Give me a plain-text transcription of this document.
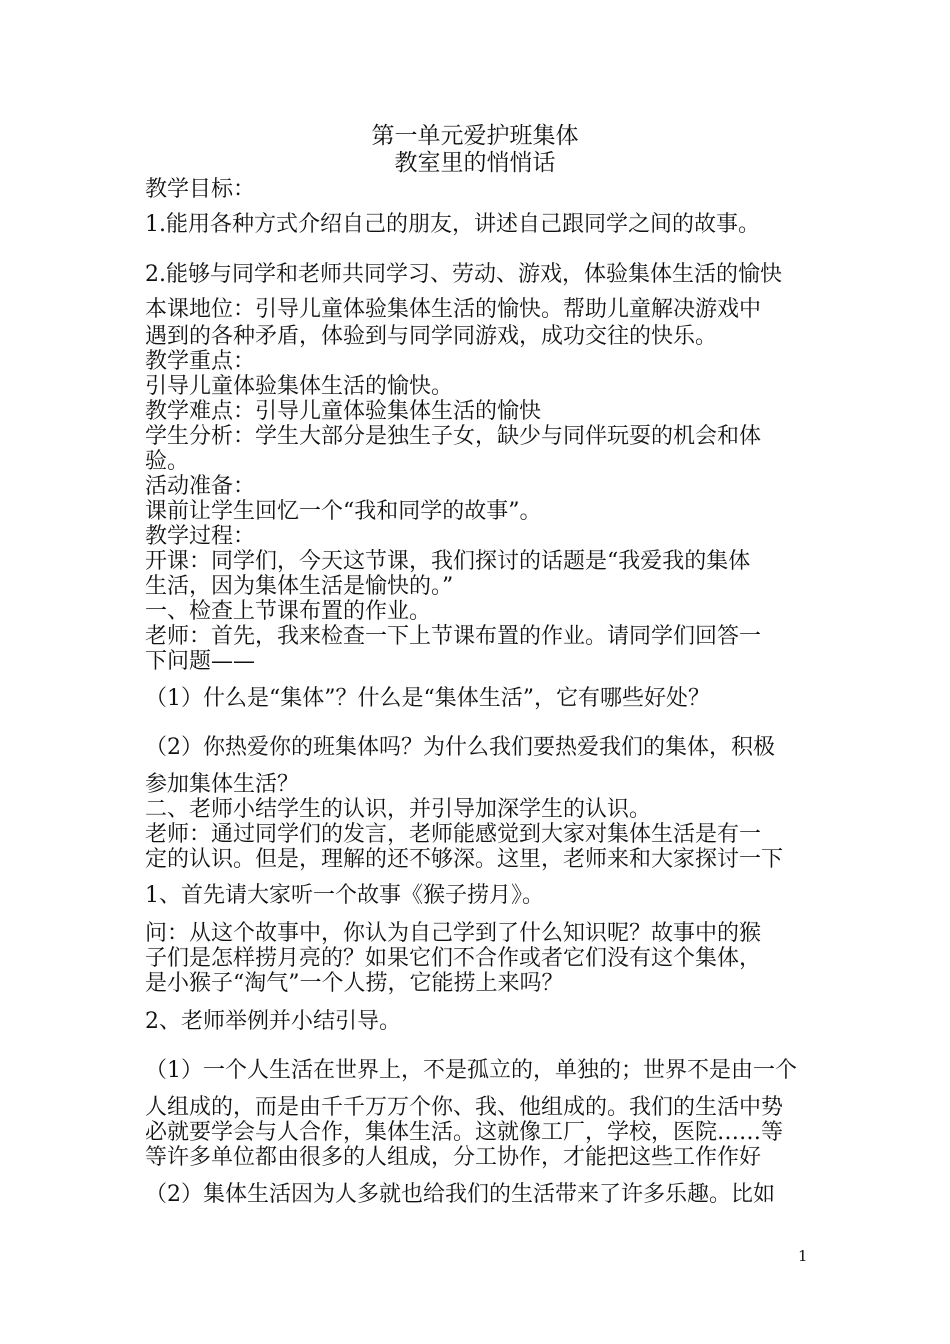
第一单元爱护班集体
教室里的悄悄话
教学目标：
1.能用各种方式介绍自己的朋友，讲述自己跟同学之间的故事。
2.能够与同学和老师共同学习、劳动、游戏，体验集体生活的愉快
本课地位：引导儿童体验集体生活的愉快。帮助儿童解决游戏中
遇到的各种矛盾，体验到与同学同游戏，成功交往的快乐。
教学重点：
引导儿童体验集体生活的愉快。
教学难点：引导儿童体验集体生活的愉快
学生分析：学生大部分是独生子女，缺少与同伴玩耍的机会和体
验。
活动准备：
课前让学生回忆一个“我和同学的故事”。
教学过程：
开课：同学们，今天这节课，我们探讨的话题是“我爱我的集体
生活，因为集体生活是愉快的。”
一、检查上节课布置的作业。
老师：首先，我来检查一下上节课布置的作业。请同学们回答一
下问题——
（1）什么是“集体”？什么是“集体生活”，它有哪些好处？
（2）你热爱你的班集体吗？为什么我们要热爱我们的集体，积极
参加集体生活？
二、老师小结学生的认识，并引导加深学生的认识。
老师：通过同学们的发言，老师能感觉到大家对集体生活是有一
定的认识。但是，理解的还不够深。这里，老师来和大家探讨一下
1、首先请大家听一个故事《猴子捞月》。
问：从这个故事中，你认为自己学到了什么知识呢？故事中的猴
子们是怎样捞月亮的？如果它们不合作或者它们没有这个集体，
是小猴子“淘气”一个人捞，它能捞上来吗？
2、老师举例并小结引导。
（1）一个人生活在世界上，不是孤立的，单独的；世界不是由一个
人组成的，而是由千千万万个你、我、他组成的。我们的生活中势
必就要学会与人合作，集体生活。这就像工厂，学校，医院……等
等许多单位都由很多的人组成，分工协作，才能把这些工作作好
（2）集体生活因为人多就也给我们的生活带来了许多乐趣。比如
1
